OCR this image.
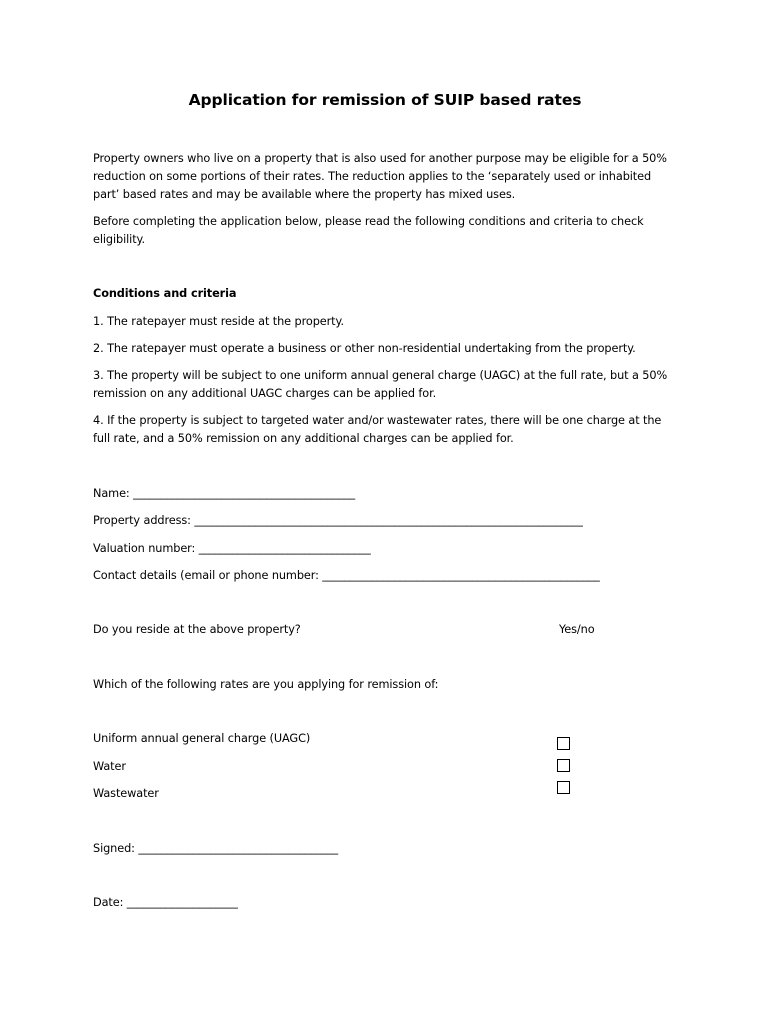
Application for remission of SUIP based rates
Property owners who live on a property that is also used for another purpose may be eligible for a 50% reduction on some portions of their rates. The reduction applies to the ‘separately used or inhabited part’ based rates and may be available where the property has mixed uses.
Before completing the application below, please read the following conditions and criteria to check eligibility.
Conditions and criteria
1. The ratepayer must reside at the property.
2. The ratepayer must operate a business or other non-residential undertaking from the property.
3. The property will be subject to one uniform annual general charge (UAGC) at the full rate, but a 50% remission on any additional UAGC charges can be applied for.
4. If the property is subject to targeted water and/or wastewater rates, there will be one charge at the full rate, and a 50% remission on any additional charges can be applied for.
Name: ________________________________________
Property address: ______________________________________________________________________
Valuation number: _______________________________
Contact details (email or phone number: __________________________________________________
Do you reside at the above property?	Yes/no
Which of the following rates are you applying for remission of:
Uniform annual general charge (UAGC)
Water
Wastewater
Signed: ____________________________________
Date: ____________________
